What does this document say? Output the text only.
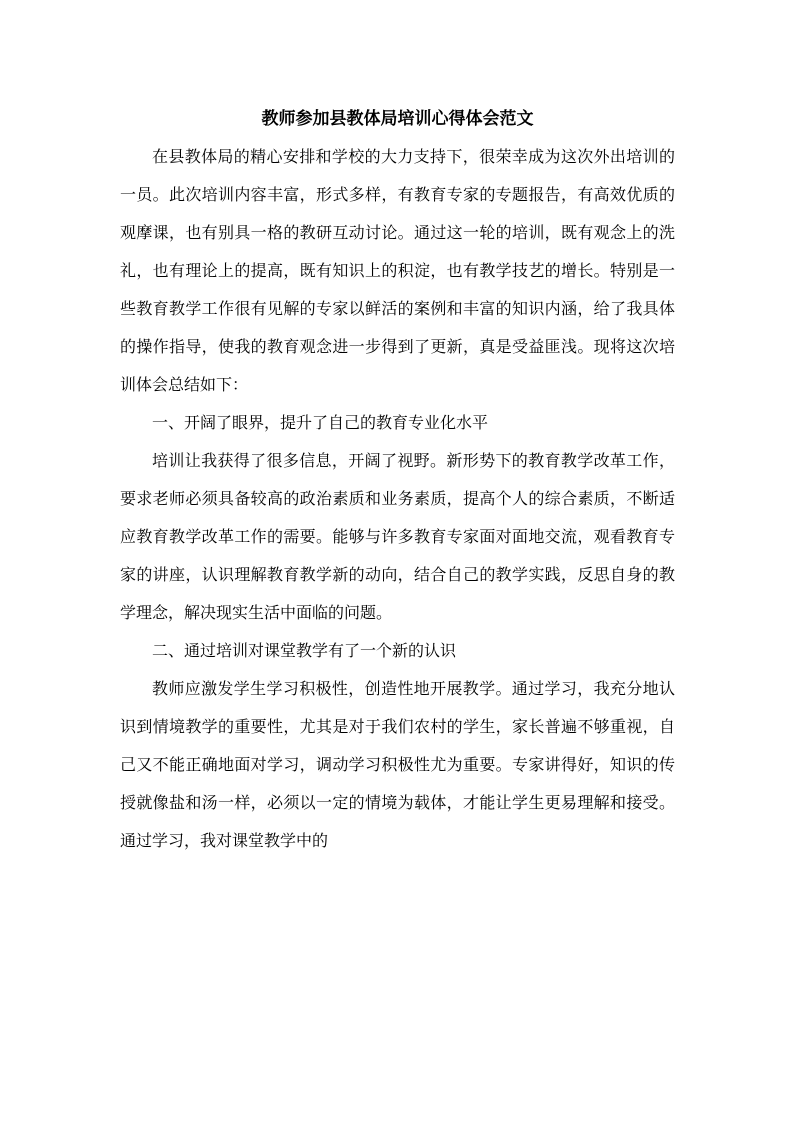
教师参加县教体局培训心得体会范文

在县教体局的精心安排和学校的大力支持下，很荣幸成为这次外出培训的一员。此次培训内容丰富，形式多样，有教育专家的专题报告，有高效优质的观摩课，也有别具一格的教研互动讨论。通过这一轮的培训，既有观念上的洗礼，也有理论上的提高，既有知识上的积淀，也有教学技艺的增长。特别是一些教育教学工作很有见解的专家以鲜活的案例和丰富的知识内涵，给了我具体的操作指导，使我的教育观念进一步得到了更新，真是受益匪浅。现将这次培训体会总结如下：

一、开阔了眼界，提升了自己的教育专业化水平

培训让我获得了很多信息，开阔了视野。新形势下的教育教学改革工作，要求老师必须具备较高的政治素质和业务素质，提高个人的综合素质，不断适应教育教学改革工作的需要。能够与许多教育专家面对面地交流，观看教育专家的讲座，认识理解教育教学新的动向，结合自己的教学实践，反思自身的教学理念，解决现实生活中面临的问题。

二、通过培训对课堂教学有了一个新的认识

教师应激发学生学习积极性，创造性地开展教学。通过学习，我充分地认识到情境教学的重要性，尤其是对于我们农村的学生，家长普遍不够重视，自己又不能正确地面对学习，调动学习积极性尤为重要。专家讲得好，知识的传授就像盐和汤一样，必须以一定的情境为载体，才能让学生更易理解和接受。通过学习，我对课堂教学中的
